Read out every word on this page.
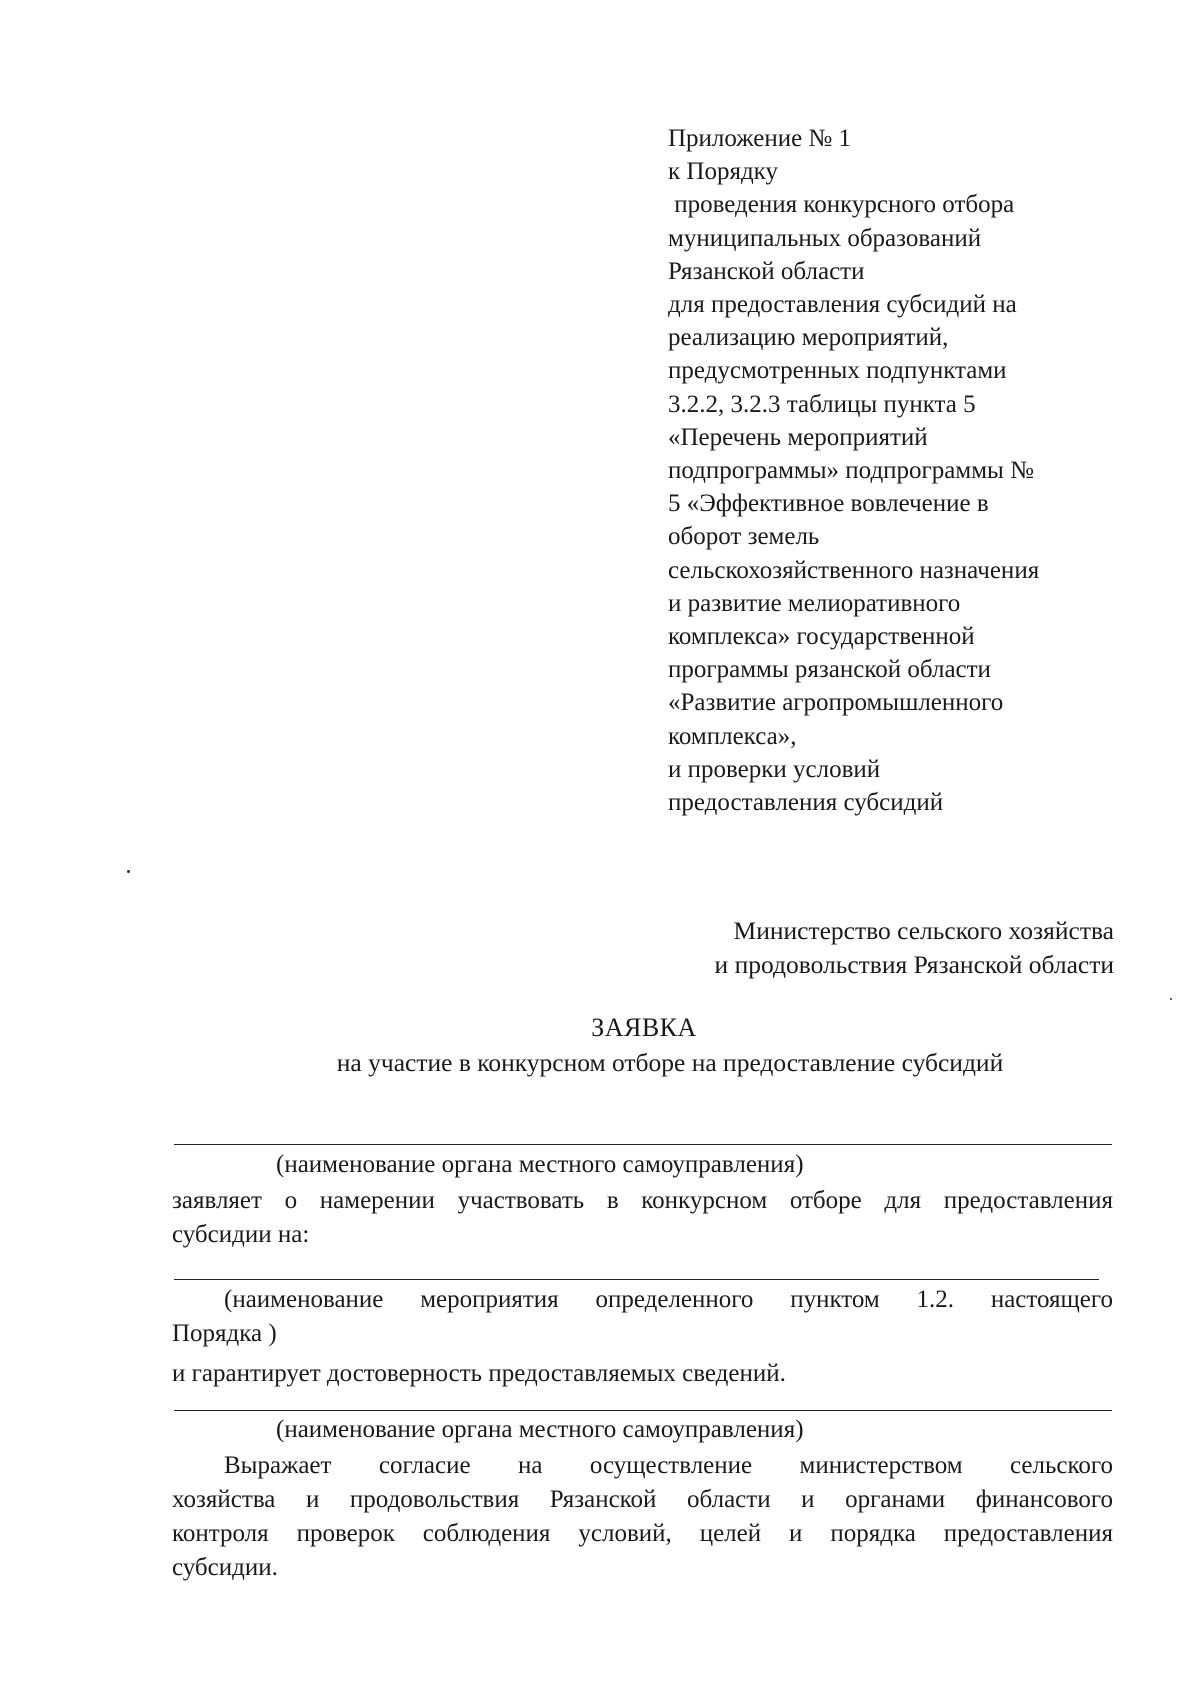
Приложение № 1
к Порядку
проведения конкурсного отбора
муниципальных образований
Рязанской области
для предоставления субсидий на
реализацию мероприятий,
предусмотренных подпунктами
3.2.2, 3.2.3 таблицы пункта 5
«Перечень мероприятий
подпрограммы» подпрограммы №
5 «Эффективное вовлечение в
оборот земель
сельскохозяйственного назначения
и развитие мелиоративного
комплекса» государственной
программы рязанской области
«Развитие агропромышленного
комплекса»,
и проверки условий
предоставления субсидий
Министерство сельского хозяйства
и продовольствия Рязанской области
ЗАЯВКА
на участие в конкурсном отборе на предоставление субсидий
(наименование органа местного самоуправления)
заявляет о намерении участвовать в конкурсном отборе для предоставления
субсидии на:
(наименование мероприятия определенного пунктом 1.2. настоящего
Порядка )
и гарантирует достоверность предоставляемых сведений.
(наименование органа местного самоуправления)
Выражает согласие на осуществление министерством сельского
хозяйства и продовольствия Рязанской области и органами финансового
контроля проверок соблюдения условий, целей и порядка предоставления
субсидии.
